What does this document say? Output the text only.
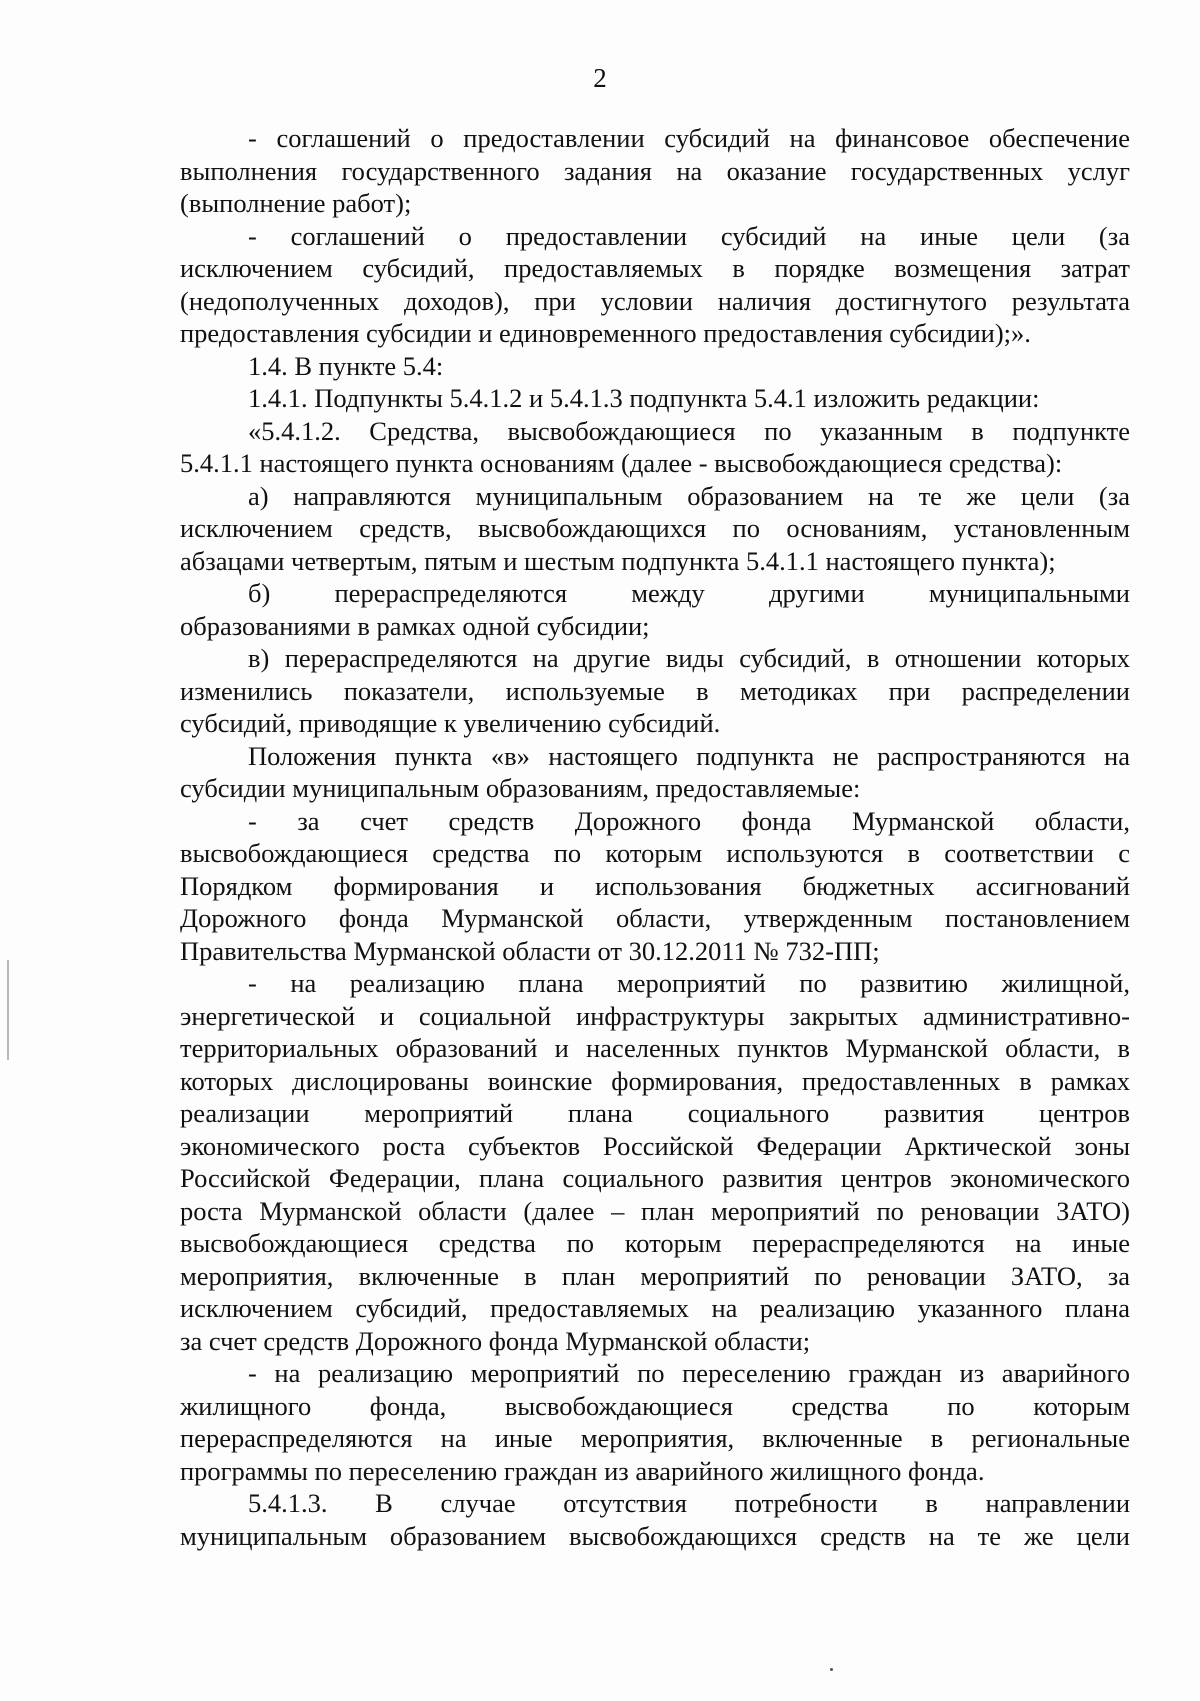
2
- соглашений о предоставлении субсидий на финансовое обеспечение
выполнения государственного задания на оказание государственных услуг
(выполнение работ);
- соглашений о предоставлении субсидий на иные цели (за
исключением субсидий, предоставляемых в порядке возмещения затрат
(недополученных доходов), при условии наличия достигнутого результата
предоставления субсидии и единовременного предоставления субсидии);».
1.4. В пункте 5.4:
1.4.1. Подпункты 5.4.1.2 и 5.4.1.3 подпункта 5.4.1 изложить редакции:
«5.4.1.2. Средства, высвобождающиеся по указанным в подпункте
5.4.1.1 настоящего пункта основаниям (далее - высвобождающиеся средства):
а) направляются муниципальным образованием на те же цели (за
исключением средств, высвобождающихся по основаниям, установленным
абзацами четвертым, пятым и шестым подпункта 5.4.1.1 настоящего пункта);
б) перераспределяются между другими муниципальными
образованиями в рамках одной субсидии;
в) перераспределяются на другие виды субсидий, в отношении которых
изменились показатели, используемые в методиках при распределении
субсидий, приводящие к увеличению субсидий.
Положения пункта «в» настоящего подпункта не распространяются на
субсидии муниципальным образованиям, предоставляемые:
- за счет средств Дорожного фонда Мурманской области,
высвобождающиеся средства по которым используются в соответствии с
Порядком формирования и использования бюджетных ассигнований
Дорожного фонда Мурманской области, утвержденным постановлением
Правительства Мурманской области от 30.12.2011 № 732-ПП;
- на реализацию плана мероприятий по развитию жилищной,
энергетической и социальной инфраструктуры закрытых административно-
территориальных образований и населенных пунктов Мурманской области, в
которых дислоцированы воинские формирования, предоставленных в рамках
реализации мероприятий плана социального развития центров
экономического роста субъектов Российской Федерации Арктической зоны
Российской Федерации, плана социального развития центров экономического
роста Мурманской области (далее – план мероприятий по реновации ЗАТО)
высвобождающиеся средства по которым перераспределяются на иные
мероприятия, включенные в план мероприятий по реновации ЗАТО, за
исключением субсидий, предоставляемых на реализацию указанного плана
за счет средств Дорожного фонда Мурманской области;
- на реализацию мероприятий по переселению граждан из аварийного
жилищного фонда, высвобождающиеся средства по которым
перераспределяются на иные мероприятия, включенные в региональные
программы по переселению граждан из аварийного жилищного фонда.
5.4.1.3. В случае отсутствия потребности в направлении
муниципальным образованием высвобождающихся средств на те же цели
